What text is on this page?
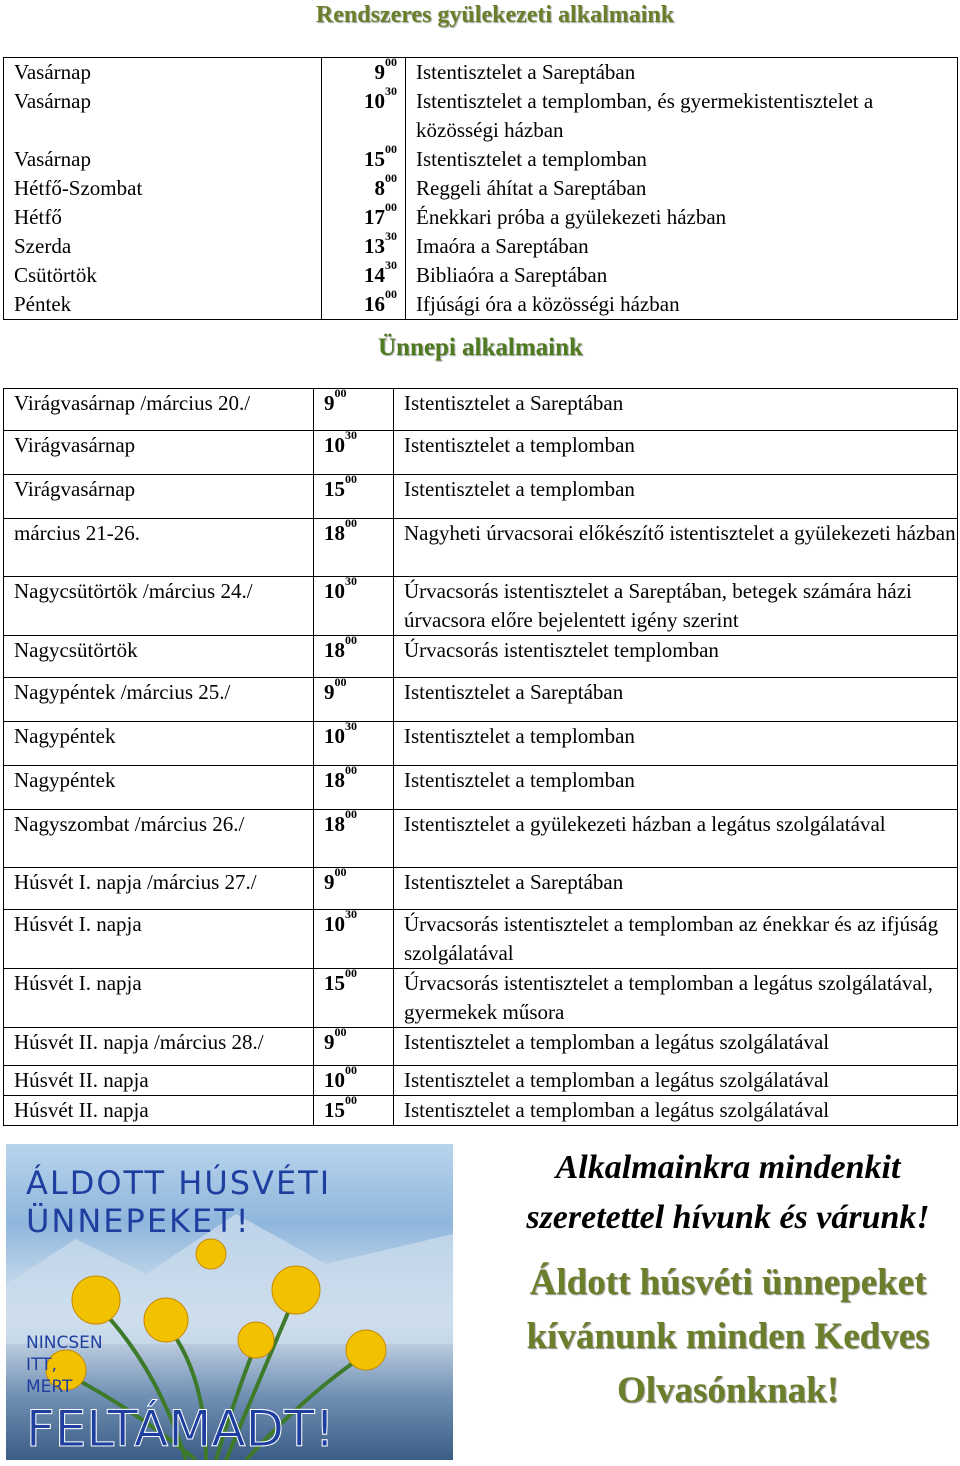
Rendszeres gyülekezeti alkalmaink
Vasárnap	$9^{00}$	Istentisztelet a Sareptában
Vasárnap	$10^{30}$	Istentisztelet a templomban, és gyermekistentisztelet a közösségi házban
Vasárnap	$15^{00}$	Istentisztelet a templomban
Hétfő-Szombat	$8^{00}$	Reggeli áhítat a Sareptában
Hétfő	$17^{00}$	Énekkari próba a gyülekezeti házban
Szerda	$13^{30}$	Imaóra a Sareptában
Csütörtök	$14^{30}$	Bibliaóra a Sareptában
Péntek	$16^{00}$	Ifjúsági óra a közösségi házban
Ünnepi alkalmaink
Virágvasárnap /március 20./	$9^{00}$	Istentisztelet a Sareptában
Virágvasárnap	$10^{30}$	Istentisztelet a templomban
Virágvasárnap	$15^{00}$	Istentisztelet a templomban
március 21-26.	$18^{00}$	Nagyheti úrvacsorai előkészítő istentisztelet a gyülekezeti házban
Nagycsütörtök /március 24./	$10^{30}$	Úrvacsorás istentisztelet a Sareptában, betegek számára házi úrvacsora előre bejelentett igény szerint
Nagycsütörtök	$18^{00}$	Úrvacsorás istentisztelet templomban
Nagypéntek /március 25./	$9^{00}$	Istentisztelet a Sareptában
Nagypéntek	$10^{30}$	Istentisztelet a templomban
Nagypéntek	$18^{00}$	Istentisztelet a templomban
Nagyszombat /március 26./	$18^{00}$	Istentisztelet a gyülekezeti házban a legátus szolgálatával
Húsvét I. napja /március 27./	$9^{00}$	Istentisztelet a Sareptában
Húsvét I. napja	$10^{30}$	Úrvacsorás istentisztelet a templomban az énekkar és az ifjúság szolgálatával
Húsvét I. napja	$15^{00}$	Úrvacsorás istentisztelet a templomban a legátus szolgálatával, gyermekek műsora
Húsvét II. napja /március 28./	$9^{00}$	Istentisztelet a templomban a legátus szolgálatával
Húsvét II. napja	$10^{00}$	Istentisztelet a templomban a legátus szolgálatával
Húsvét II. napja	$15^{00}$	Istentisztelet a templomban a legátus szolgálatával
ÁLDOTT HÚSVÉTI
ÜNNEPEKET!
NINCSEN
ITT,
MERT
FELTÁMADT!
Alkalmainkra mindenkit
szeretettel hívunk és várunk!
Áldott húsvéti ünnepeket
kívánunk minden Kedves
Olvasónknak!
